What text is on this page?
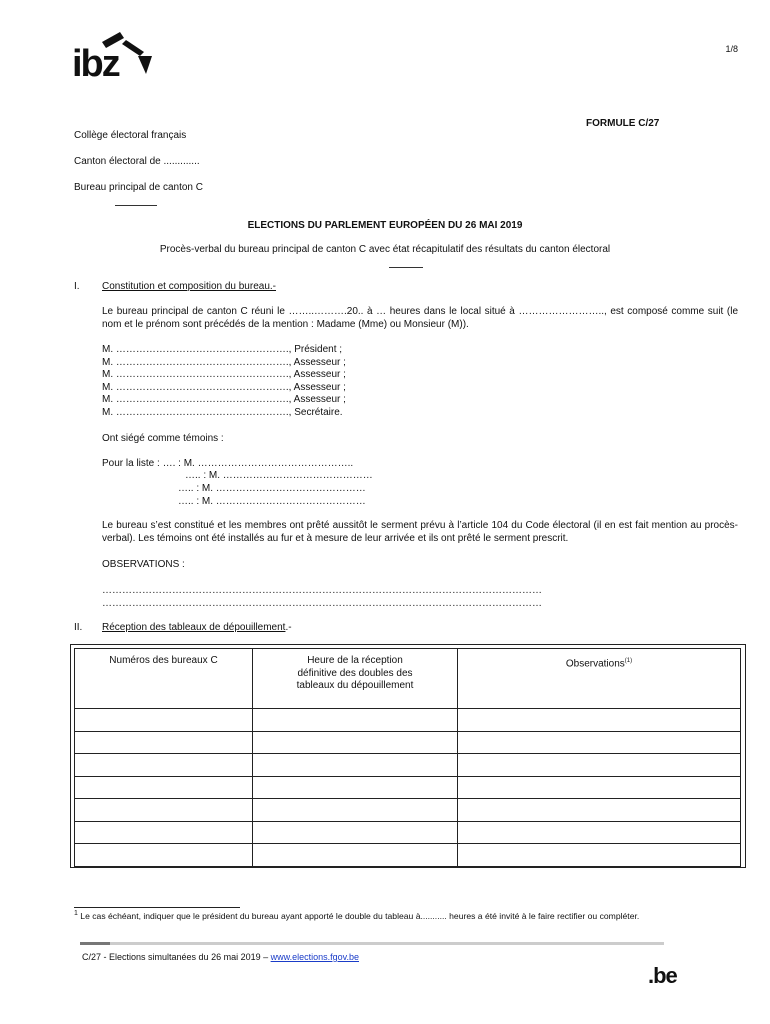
ibz	1/8
FORMULE C/27
Collège électoral français
Canton électoral de .............
Bureau principal de canton C
ELECTIONS DU PARLEMENT EUROPÉEN DU 26 MAI 2019
Procès-verbal du bureau principal de canton C avec état récapitulatif des résultats du canton électoral
I. Constitution et composition du bureau.-
Le bureau principal de canton C réuni le ……..……….20.. à … heures dans le local situé à …………………….., est composé comme suit (le nom et le prénom sont précédés de la mention : Madame (Mme) ou Monsieur (M)).
M. ……………………………………………., Président ;
M. ……………………………………………., Assesseur ;
M. ……………………………………………., Assesseur ;
M. ……………………………………………., Assesseur ;
M. ……………………………………………., Assesseur ;
M. ……………………………………………., Secrétaire.
Ont siégé comme témoins :
Pour la liste : …. : M. ………………………………………..
….. : M. ………………………………………
….. : M. ………………………………………
….. : M. ………………………………………
Le bureau s’est constitué et les membres ont prêté aussitôt le serment prévu à l’article 104 du Code électoral (il en est fait mention au procès-verbal). Les témoins ont été installés au fur et à mesure de leur arrivée et ils ont prêté le serment prescrit.
OBSERVATIONS :
……………………………………………………………………………………………………………………
……………………………………………………………………………………………………………………
II. Réception des tableaux de dépouillement.-
Numéros des bureaux C	Heure de la réception définitive des doubles des tableaux du dépouillement	Observations$^{(1)}$

$^1$ Le cas échéant, indiquer que le président du bureau ayant apporté le double du tableau à........... heures a été invité à le faire rectifier ou compléter.
C/27 - Elections simultanées du 26 mai 2019 – www.elections.fgov.be
.be
